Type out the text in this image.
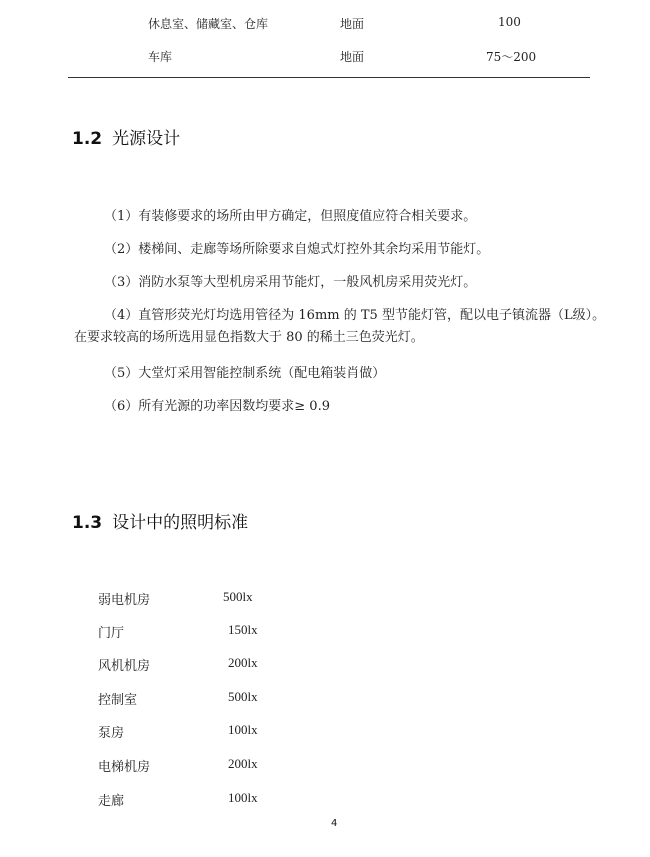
休息室、储藏室、仓库	地面	100
车库	地面	75～200
1.2 光源设计
（1）有装修要求的场所由甲方确定，但照度值应符合相关要求。
（2）楼梯间、走廊等场所除要求自熄式灯控外其余均采用节能灯。
（3）消防水泵等大型机房采用节能灯，一般风机房采用荧光灯。
（4）直管形荧光灯均选用管径为 16mm 的 T5 型节能灯管，配以电子镇流器（L级）。在要求较高的场所选用显色指数大于 80 的稀土三色荧光灯。
（5）大堂灯采用智能控制系统（配电箱装肖做）
（6）所有光源的功率因数均要求≥ 0.9
1.3 设计中的照明标准
弱电机房	500lx
门厅	150lx
风机机房	200lx
控制室	500lx
泵房	100lx
电梯机房	200lx
走廊	100lx
4
